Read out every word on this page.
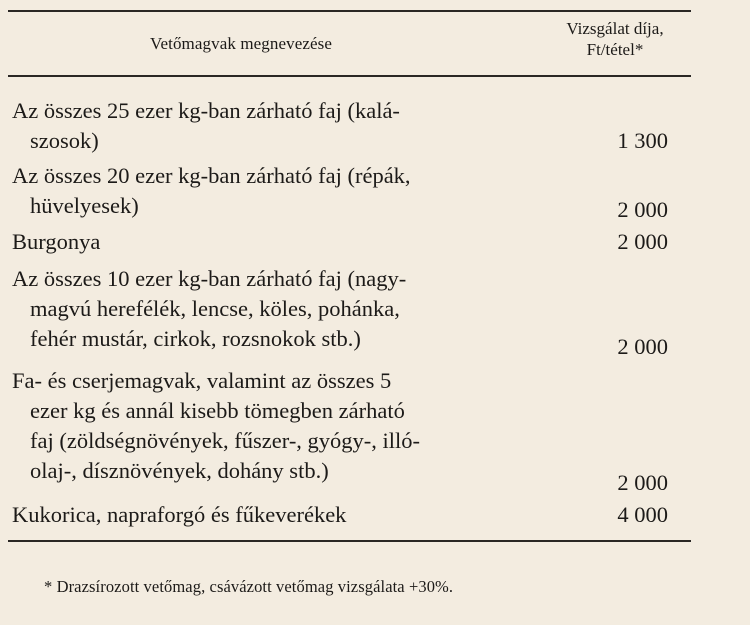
Vetőmagvak megnevezése
Vizsgálat díja,
Ft/tétel*
Az összes 25 ezer kg-ban zárható faj (kalá-
szosok)	1 300
Az összes 20 ezer kg-ban zárható faj (répák,
hüvelyesek)	2 000
Burgonya	2 000
Az összes 10 ezer kg-ban zárható faj (nagy-
magvú herefélék, lencse, köles, pohánka,
fehér mustár, cirkok, rozsnokok stb.)	2 000
Fa- és cserjemagvak, valamint az összes 5
ezer kg és annál kisebb tömegben zárható
faj (zöldségnövények, fűszer-, gyógy-, illó-
olaj-, dísznövények, dohány stb.)	2 000
Kukorica, napraforgó és fűkeverékek	4 000
* Drazsírozott vetőmag, csávázott vetőmag vizsgálata +30%.
